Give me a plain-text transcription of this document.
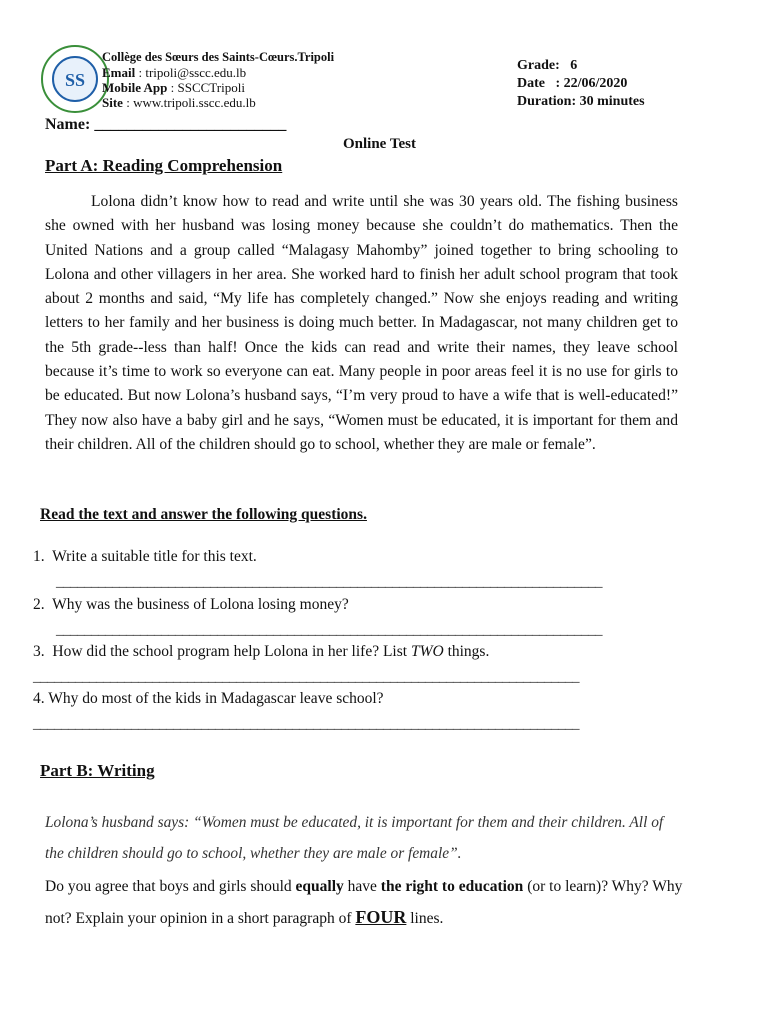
SS
Collège des Sœurs des Saints-Cœurs.Tripoli
Email : tripoli@sscc.edu.lb
Mobile App : SSCCTripoli
Site : www.tripoli.sscc.edu.lb
Grade:   6
Date   : 22/06/2020
Duration: 30 minutes
Name: ________________________
Online Test
Part A: Reading Comprehension

Lolona didn’t know how to read and write until she was 30 years old. The fishing business she owned with her husband was losing money because she couldn’t do mathematics. Then the United Nations and a group called “Malagasy Mahomby” joined together to bring schooling to Lolona and other villagers in her area. She worked hard to finish her adult school program that took about 2 months and said, “My life has completely changed.” Now she enjoys reading and writing letters to her family and her business is doing much better. In Madagascar, not many children get to the 5th grade--less than half! Once the kids can read and write their names, they leave school because it’s time to work so everyone can eat. Many people in poor areas feel it is no use for girls to be educated. But now Lolona’s husband says, “I’m very proud to have a wife that is well-educated!” They now also have a baby girl and he says, “Women must be educated, it is important for them and their children. All of the children should go to school, whether they are male or female”.

Read the text and answer the following questions.
1. Write a suitable title for this text.
______________________________________________________________________________
2. Why was the business of Lolona losing money?
______________________________________________________________________________
3. How did the school program help Lolona in her life? List TWO things.
______________________________________________________________________________
4. Why do most of the kids in Madagascar leave school?
______________________________________________________________________________
Part B: Writing

Lolona’s husband says: “Women must be educated, it is important for them and their children. All of the children should go to school, whether they are male or female”.

Do you agree that boys and girls should equally have the right to education (or to learn)? Why? Why not? Explain your opinion in a short paragraph of FOUR lines.
